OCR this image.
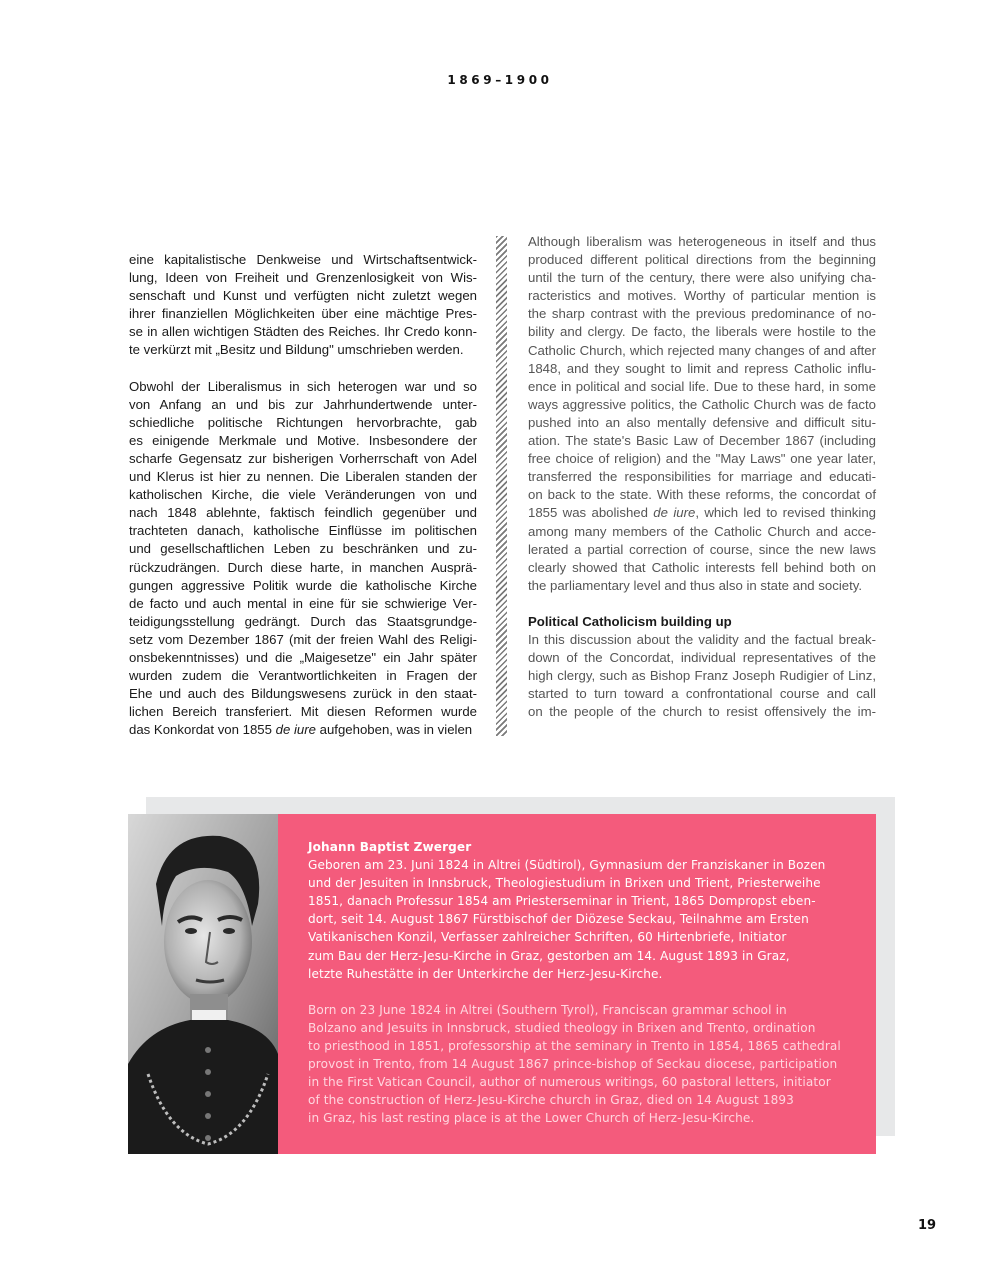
1869–1900

eine kapitalistische Denkweise und Wirtschaftsentwick-
lung, Ideen von Freiheit und Grenzenlosigkeit von Wis-
senschaft und Kunst und verfügten nicht zuletzt wegen
ihrer finanziellen Möglichkeiten über eine mächtige Pres-
se in allen wichtigen Städten des Reiches. Ihr Credo konn-
te verkürzt mit „Besitz und Bildung" umschrieben werden.

Obwohl der Liberalismus in sich heterogen war und so
von Anfang an und bis zur Jahrhundertwende unter-
schiedliche politische Richtungen hervorbrachte, gab
es einigende Merkmale und Motive. Insbesondere der
scharfe Gegensatz zur bisherigen Vorherrschaft von Adel
und Klerus ist hier zu nennen. Die Liberalen standen der
katholischen Kirche, die viele Veränderungen von und
nach 1848 ablehnte, faktisch feindlich gegenüber und
trachteten danach, katholische Einflüsse im politischen
und gesellschaftlichen Leben zu beschränken und zu-
rückzudrängen. Durch diese harte, in manchen Ausprä-
gungen aggressive Politik wurde die katholische Kirche
de facto und auch mental in eine für sie schwierige Ver-
teidigungsstellung gedrängt. Durch das Staatsgrundge-
setz vom Dezember 1867 (mit der freien Wahl des Religi-
onsbekenntnisses) und die „Maigesetze" ein Jahr später
wurden zudem die Verantwortlichkeiten in Fragen der
Ehe und auch des Bildungswesens zurück in den staat-
lichen Bereich transferiert. Mit diesen Reformen wurde

das Konkordat von 1855 de iure aufgehoben, was in vielen

Although liberalism was heterogeneous in itself and thus
produced different political directions from the beginning
until the turn of the century, there were also unifying cha-
racteristics and motives. Worthy of particular mention is
the sharp contrast with the previous predominance of no-
bility and clergy. De facto, the liberals were hostile to the
Catholic Church, which rejected many changes of and after
1848, and they sought to limit and repress Catholic influ-
ence in political and social life. Due to these hard, in some
ways aggressive politics, the Catholic Church was de facto
pushed into an also mentally defensive and difficult situ-
ation. The state's Basic Law of December 1867 (including
free choice of religion) and the "May Laws" one year later,
transferred the responsibilities for marriage and educati-
on back to the state. With these reforms, the concordat of

1855 was abolished de iure, which led to revised thinking

among many members of the Catholic Church and acce-
lerated a partial correction of course, since the new laws
clearly showed that Catholic interests fell behind both on

the parliamentary level and thus also in state and society.

Political Catholicism building up

In this discussion about the validity and the factual break-
down of the Concordat, individual representatives of the
high clergy, such as Bishop Franz Joseph Rudigier of Linz,
started to turn toward a confrontational course and call
on the people of the church to resist offensively the im-

Johann Baptist Zwerger
Geboren am 23. Juni 1824 in Altrei (Südtirol), Gymnasium der Franziskaner in Bozen
und der Jesuiten in Innsbruck, Theologiestudium in Brixen und Trient, Priesterweihe
1851, danach Professur 1854 am Priesterseminar in Trient, 1865 Dompropst eben-
dort, seit 14. August 1867 Fürstbischof der Diözese Seckau, Teilnahme am Ersten
Vatikanischen Konzil, Verfasser zahlreicher Schriften, 60 Hirtenbriefe, Initiator
zum Bau der Herz-Jesu-Kirche in Graz, gestorben am 14. August 1893 in Graz,
letzte Ruhestätte in der Unterkirche der Herz-Jesu-Kirche.
Born on 23 June 1824 in Altrei (Southern Tyrol), Franciscan grammar school in
Bolzano and Jesuits in Innsbruck, studied theology in Brixen and Trento, ordination
to priesthood in 1851, professorship at the seminary in Trento in 1854, 1865 cathedral
provost in Trento, from 14 August 1867 prince-bishop of Seckau diocese, participation
in the First Vatican Council, author of numerous writings, 60 pastoral letters, initiator
of the construction of Herz-Jesu-Kirche church in Graz, died on 14 August 1893
in Graz, his last resting place is at the Lower Church of Herz-Jesu-Kirche.
19
